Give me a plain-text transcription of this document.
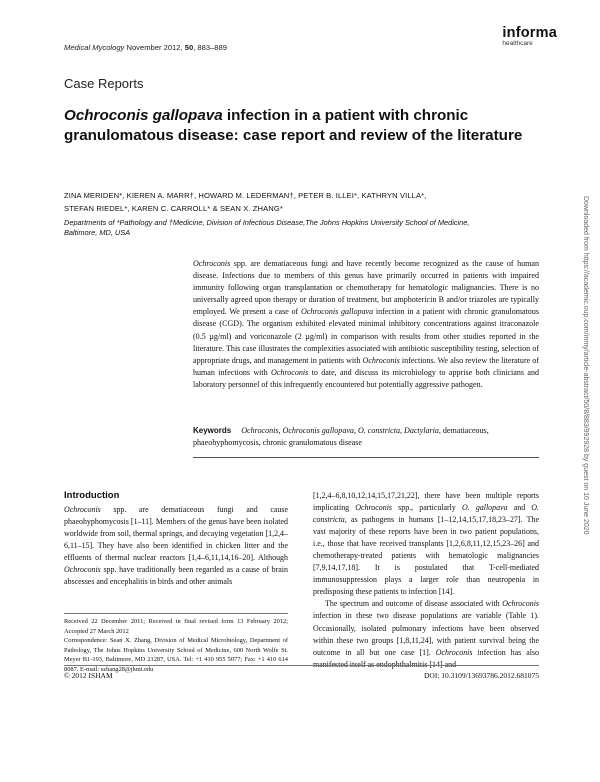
Medical Mycology November 2012, 50, 883–889
informa
healthcare
Case Reports
Ochroconis gallopava infection in a patient with chronic granulomatous disease: case report and review of the literature
ZINA MERIDEN*, KIEREN A. MARR†, HOWARD M. LEDERMAN†, PETER B. ILLEI*, KATHRYN VILLA*,
STEFAN RIEDEL*, KAREN C. CARROLL* & SEAN X. ZHANG*
Departments of *Pathology and †Medicine, Division of Infectious Disease,The Johns Hopkins University School of Medicine,
Baltimore, MD, USA
Ochroconis spp. are dematiaceous fungi and have recently become recognized as the cause of human disease. Infections due to members of this genus have primarily occurred in patients with impaired immunity following organ transplantation or chemotherapy for hematologic malignancies. There is no universally agreed upon therapy or duration of treatment, but amphotericin B and/or triazoles are typically employed. We present a case of Ochroconis gallopava infection in a patient with chronic granulomatous disease (CGD). The organism exhibited elevated minimal inhibitory concentrations against itraconazole (0.5 µg/ml) and voriconazole (2 µg/ml) in comparison with results from other studies reported in the literature. This case illustrates the complexities associated with antibiotic susceptibility testing, selection of appropriate drugs, and management in patients with Ochroconis infections. We also review the literature of human infections with Ochroconis to date, and discuss its microbiology to apprise both clinicians and laboratory personnel of this infrequently encountered but potentially aggressive pathogen.
Keywords Ochroconis, Ochroconis gallopava, O. constricta, Dactylaria, dematiaceous, phaeohyphomycosis, chronic granulomatous disease
Introduction
Ochroconis spp. are dematiaceous fungi and cause phaeohyphomycosis [1–11]. Members of the genus have been isolated worldwide from soil, thermal springs, and decaying vegetation [1,2,4–6,11–15]. They have also been identified in chicken litter and the effluents of thermal nuclear reactors [1,4–6,11,14,16–20]. Although Ochroconis spp. have traditionally been regarded as a cause of brain abscesses and encephalitis in birds and other animals
[1,2,4–6,8,10,12,14,15,17,21,22], there have been multiple reports implicating Ochroconis spp., particularly O. gallopava and O. constricta, as pathogens in humans [1–12,14,15,17,18,23–27]. The vast majority of these reports have been in two patient populations, i.e., those that have received transplants [1,2,6,8,11,12,15,23–26] and chemotherapy-treated patients with hematologic malignancies [7,9,14,17,18]. It is postulated that T-cell-mediated immunosuppression plays a larger role than neutropenia in predisposing these patients to infection [14].
The spectrum and outcome of disease associated with Ochroconis infection in these two disease populations are variable (Table 1). Occasionally, isolated pulmonary infections have been observed within these two groups [1,8,11,24], with patient survival being the outcome in all but one case [1]. Ochroconis infection has also
Received 22 December 2011; Received in final revised form 13 February 2012; Accepted 27 March 2012
Correspondence: Sean X. Zhang, Division of Medical Microbiology, Department of Pathology, The Johns Hopkins University School of Medicine, 600 North Wolfe St. Meyer B1-193, Baltimore, MD 21287, USA. Tel: +1 410 955 5077; Fax: +1 410 614 8087. E-mail: szhang28@jhmi.edu
© 2012 ISHAM	DOI: 10.3109/13693786.2012.681075
Downloaded from https://academic.oup.com/mmy/article-abstract/50/8/883/992928 by guest on 10 June 2020
